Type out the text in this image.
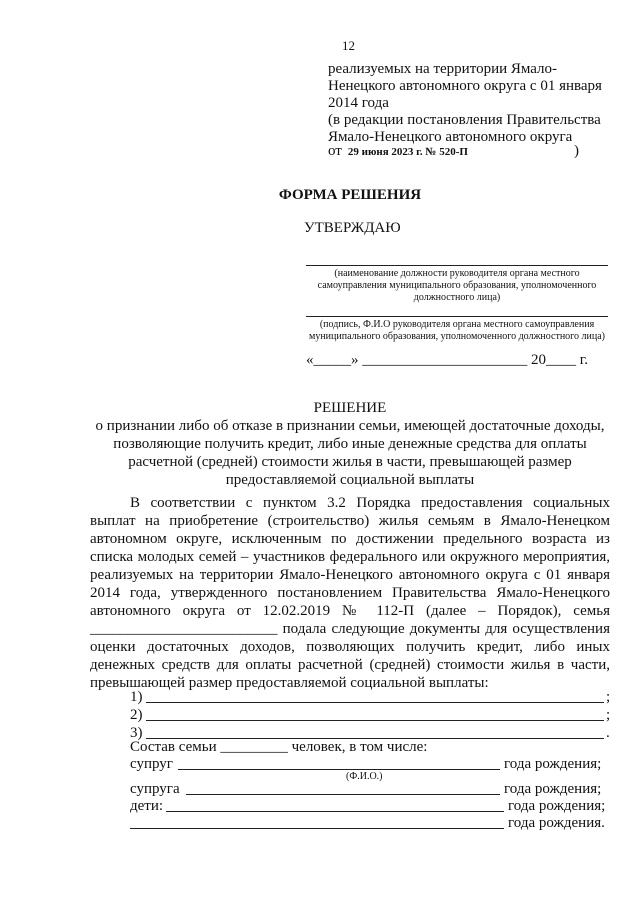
12
реализуемых на территории Ямало-
Ненецкого автономного округа с 01 января
2014 года
(в редакции постановления Правительства
Ямало-Ненецкого автономного округа
от 29 июня 2023 г. № 520-П	)
ФОРМА РЕШЕНИЯ
УТВЕРЖДАЮ
(наименование должности руководителя органа местного самоуправления муниципального образования, уполномоченного должностного лица)
(подпись, Ф.И.О руководителя органа местного самоуправления муниципального образования, уполномоченного должностного лица)
«_____» ______________________ 20____ г.
РЕШЕНИЕ
о признании либо об отказе в признании семьи, имеющей достаточные доходы, позволяющие получить кредит, либо иные денежные средства для оплаты расчетной (средней) стоимости жилья в части, превышающей размер предоставляемой социальной выплаты

В соответствии с пунктом 3.2 Порядка предоставления социальных выплат на приобретение (строительство) жилья семьям в Ямало-Ненецком автономном округе, исключенным по достижении предельного возраста из списка молодых семей – участников федерального или окружного мероприятия, реализуемых на территории Ямало-Ненецкого автономного округа с 01 января 2014 года, утвержденного постановлением Правительства Ямало-Ненецкого автономного округа от 12.02.2019 № 112-П (далее – Порядок), семья _________________________ подала следующие документы для осуществления оценки достаточных доходов, позволяющих получить кредит, либо иных денежных средств для оплаты расчетной (средней) стоимости жилья в части, превышающей размер предоставляемой социальной выплаты:

1)	;
2)	;
3)	.
Состав семьи _________ человек, в том числе:
супруг	года рождения;
(Ф.И.О.)
супруга	года рождения;
дети:	года рождения;
года рождения.
